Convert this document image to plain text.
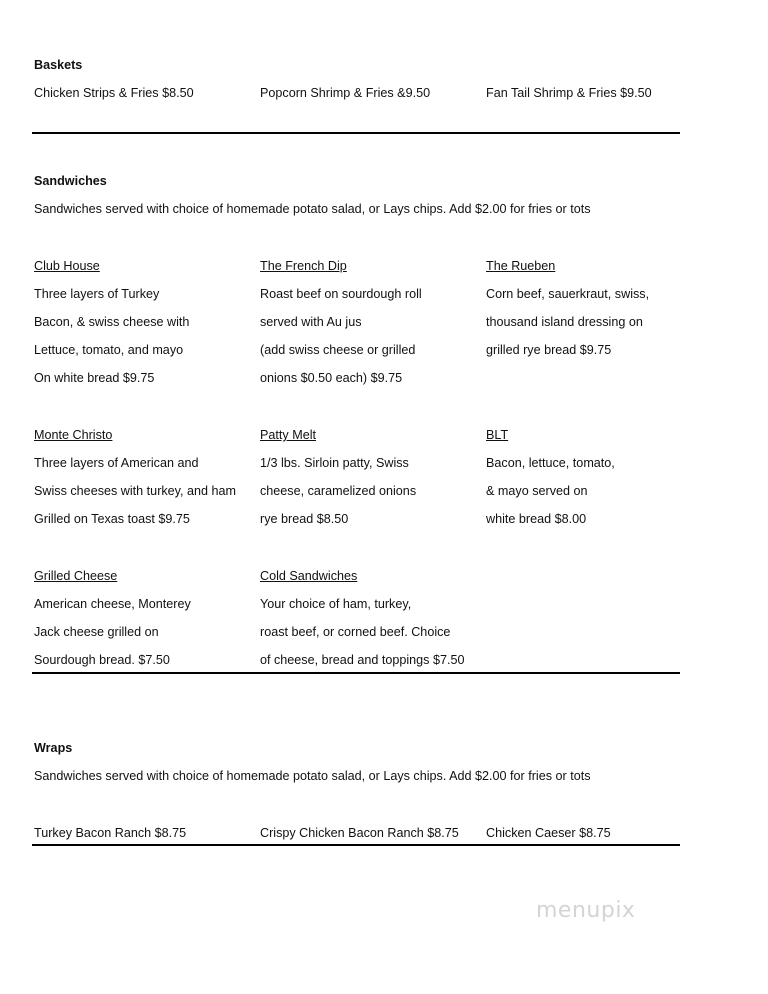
Baskets
Chicken Strips & Fries $8.50	Popcorn Shrimp & Fries &9.50	Fan Tail Shrimp & Fries $9.50
Sandwiches
Sandwiches served with choice of homemade potato salad, or Lays chips. Add $2.00 for fries or tots
Club House
Three layers of Turkey
Bacon, & swiss cheese with
Lettuce, tomato, and mayo
On white bread $9.75
The French Dip
Roast beef on sourdough roll
served with Au jus
(add swiss cheese or grilled
onions $0.50 each) $9.75
The Rueben
Corn beef, sauerkraut, swiss,
thousand island dressing on
grilled rye bread $9.75
Monte Christo
Three layers of American and
Swiss cheeses with turkey, and ham
Grilled on Texas toast $9.75
Patty Melt
1/3 lbs. Sirloin patty, Swiss
cheese, caramelized onions
rye bread $8.50
BLT
Bacon, lettuce, tomato,
& mayo served on
white bread $8.00
Grilled Cheese
American cheese, Monterey
Jack cheese grilled on
Sourdough bread. $7.50
Cold Sandwiches
Your choice of ham, turkey,
roast beef, or corned beef. Choice
of cheese, bread and toppings $7.50
Wraps
Sandwiches served with choice of homemade potato salad, or Lays chips. Add $2.00 for fries or tots
Turkey Bacon Ranch $8.75	Crispy Chicken Bacon Ranch $8.75 Chicken Caeser $8.75
menupix
